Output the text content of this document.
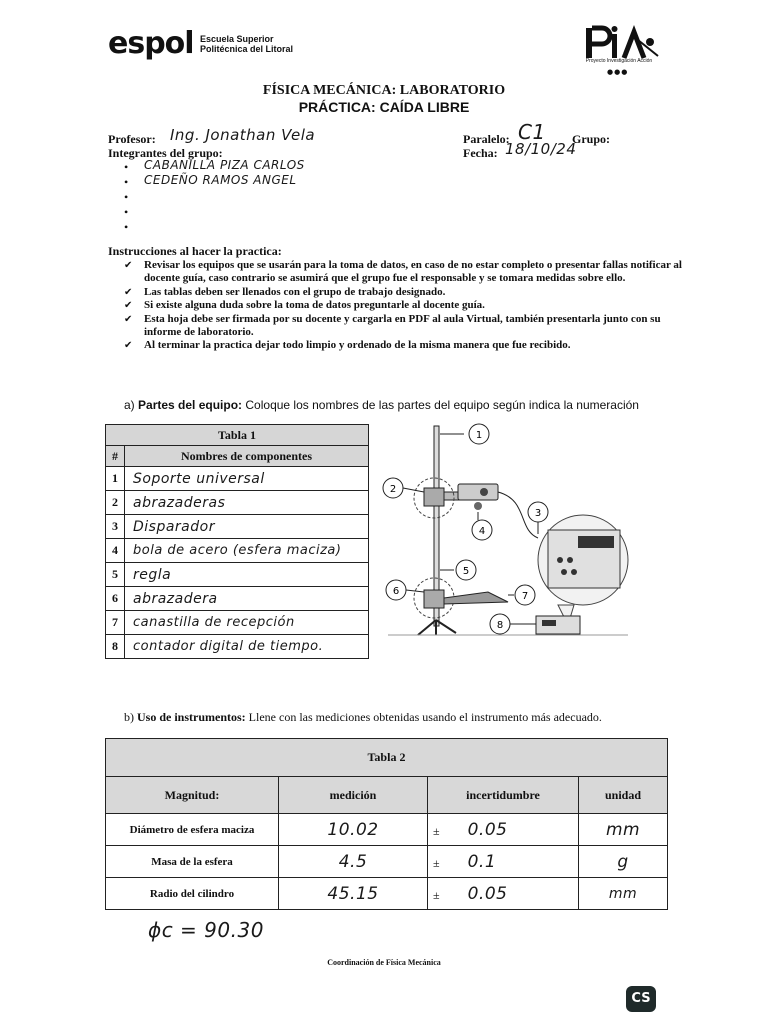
espol Escuela Superior
Politécnica del Litoral
PIA
Proyecto Investigación Acción
●●●
FÍSICA MECÁNICA: LABORATORIO
PRÁCTICA: CAÍDA LIBRE
Profesor: Ing. Jonathan Vela
Integrantes del grupo:
Paralelo: C1 Grupo:
Fecha: 18/10/24
• CABANILLA PIZA CARLOS
• CEDEÑO RAMOS ANGEL
•
•
•
Instrucciones al hacer la practica:
✔ Revisar los equipos que se usarán para la toma de datos, en caso de no estar completo o presentar fallas notificar al docente guía, caso contrario se asumirá que el grupo fue el responsable y se tomara medidas sobre ello.
✔ Las tablas deben ser llenados con el grupo de trabajo designado.
✔ Si existe alguna duda sobre la toma de datos preguntarle al docente guía.
✔ Esta hoja debe ser firmada por su docente y cargarla en PDF al aula Virtual, también presentarla junto con su informe de laboratorio.
✔ Al terminar la practica dejar todo limpio y ordenado de la misma manera que fue recibido.
a) Partes del equipo: Coloque los nombres de las partes del equipo según indica la numeración
Tabla 1	
#	Nombres de componentes
1	Soporte universal
2	abrazaderas
3	Disparador
4	bola de acero (esfera maciza)
5	regla
6	abrazadera
7	canastilla de recepción
8	contador digital de tiempo.
1
2
3
4
5
6	7
8
b) Uso de instrumentos: Llene con las mediciones obtenidas usando el instrumento más adecuado.
Tabla 2			
Magnitud:	medición	incertidumbre	unidad
Diámetro de esfera maciza	10.02	± 0.05	mm
Masa de la esfera	4.5	± 0.1	g
Radio del cilindro	45.15	± 0.05	mm
ϕc = 90.30
Coordinación de Física Mecánica
CS
